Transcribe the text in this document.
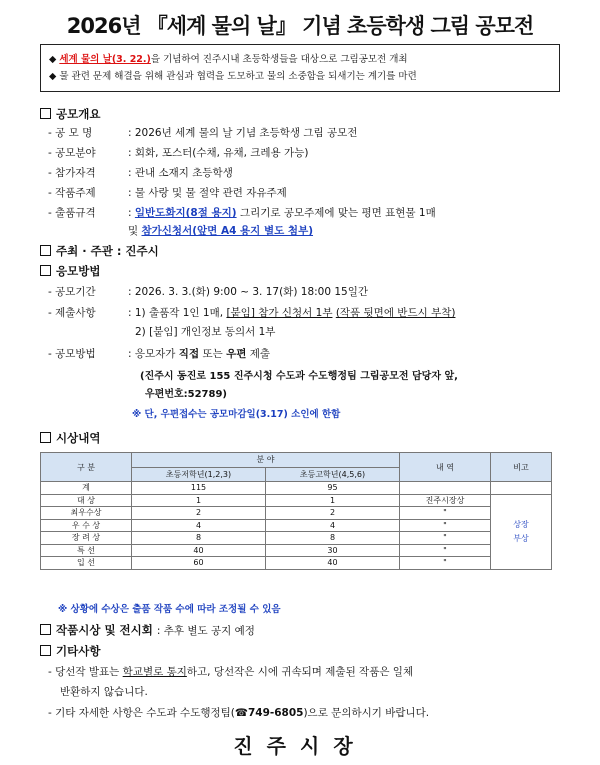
2026년 『세계 물의 날』 기념 초등학생 그림 공모전
◆ 세계 물의 날(3. 22.)을 기념하여 진주시내 초등학생들을 대상으로 그림공모전 개최
◆ 물 관련 문제 해결을 위해 관심과 협력을 도모하고 물의 소중함을 되새기는 계기를 마련
공모개요
- 공 모 명	: 2026년 세계 물의 날 기념 초등학생 그림 공모전
- 공모분야	: 회화, 포스터(수채, 유채, 크레용 가능)
- 참가자격	: 관내 소재지 초등학생
- 작품주제	: 물 사랑 및 물 절약 관련 자유주제
- 출품규격	: 일반도화지(8절 용지) 그리기로 공모주제에 맞는 평면 표현물 1매
및 참가신청서(앞면 A4 용지 별도 첨부)
주최 · 주관 : 진주시
응모방법
- 공모기간	: 2026. 3. 3.(화) 9:00 ~ 3. 17(화) 18:00 15일간
- 제출사항	: 1) 출품작 1인 1매, [붙임] 참가 신청서 1부 (작품 뒷면에 반드시 부착)
2) [붙임] 개인정보 동의서 1부
- 공모방법	: 응모자가 직접 또는 우편 제출
(진주시 동진로 155 진주시청 수도과 수도행정팀 그림공모전 담당자 앞,
우편번호:52789)
※ 단, 우편접수는 공모마감일(3.17) 소인에 한함
시상내역
구 분	분 야		내 역	비고
	초등저학년(1,2,3)	초등고학년(4,5,6)		
계	115	95		
대 상	1	1	진주시장상	상장
부상
최우수상	2	2	"	
우 수 상	4	4	"	
장 려 상	8	8	"	
특 선	40	30	"	
입 선	60	40	"	
※ 상황에 수상은 출품 작품 수에 따라 조정될 수 있음
작품시상 및 전시회 : 추후 별도 공지 예정
기타사항
- 당선작 발표는 학교별로 통지하고, 당선작은 시에 귀속되며 제출된 작품은 일체
반환하지 않습니다.
- 기타 자세한 사항은 수도과 수도행정팀(☎749-6805)으로 문의하시기 바랍니다.
진주시장
